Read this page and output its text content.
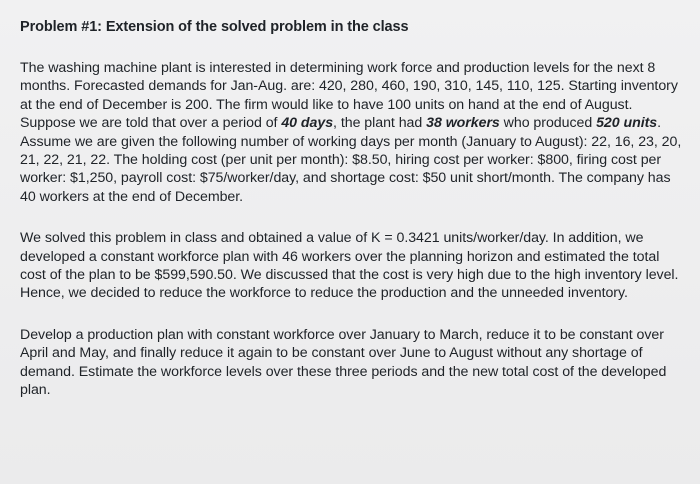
Problem #1: Extension of the solved problem in the class
The washing machine plant is interested in determining work force and production levels for the next 8 months. Forecasted demands for Jan-Aug. are: 420, 280, 460, 190, 310, 145, 110, 125. Starting inventory at the end of December is 200. The firm would like to have 100 units on hand at the end of August. Suppose we are told that over a period of 40 days, the plant had 38 workers who produced 520 units. Assume we are given the following number of working days per month (January to August): 22, 16, 23, 20, 21, 22, 21, 22. The holding cost (per unit per month): $8.50, hiring cost per worker: $800, firing cost per worker: $1,250, payroll cost: $75/worker/day, and shortage cost: $50 unit short/month. The company has 40 workers at the end of December.
We solved this problem in class and obtained a value of K = 0.3421 units/worker/day. In addition, we developed a constant workforce plan with 46 workers over the planning horizon and estimated the total cost of the plan to be $599,590.50. We discussed that the cost is very high due to the high inventory level. Hence, we decided to reduce the workforce to reduce the production and the unneeded inventory.
Develop a production plan with constant workforce over January to March, reduce it to be constant over April and May, and finally reduce it again to be constant over June to August without any shortage of demand. Estimate the workforce levels over these three periods and the new total cost of the developed plan.
